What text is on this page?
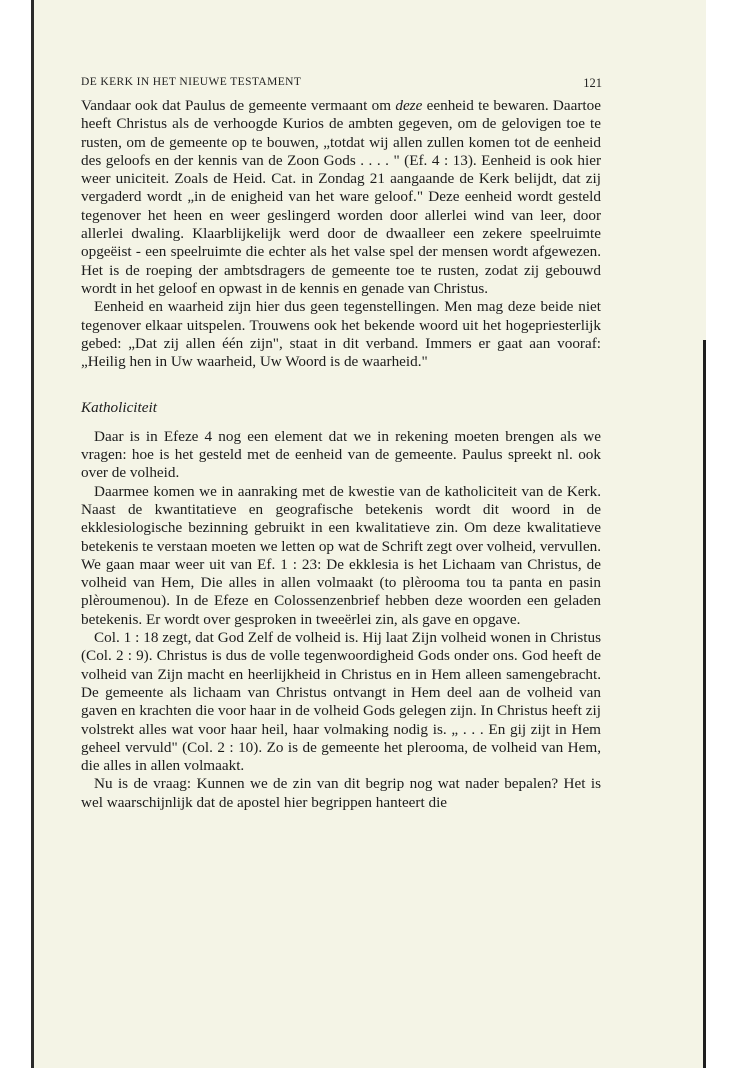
DE KERK IN HET NIEUWE TESTAMENT	121

Vandaar ook dat Paulus de gemeente vermaant om deze eenheid te bewaren. Daartoe heeft Christus als de verhoogde Kurios de ambten gegeven, om de gelovigen toe te rusten, om de gemeente op te bouwen, „totdat wij allen zullen komen tot de eenheid des geloofs en der kennis van de Zoon Gods . . . . " (Ef. 4 : 13). Eenheid is ook hier weer uniciteit. Zoals de Heid. Cat. in Zondag 21 aangaande de Kerk belijdt, dat zij vergaderd wordt „in de enigheid van het ware geloof." Deze eenheid wordt gesteld tegenover het heen en weer geslingerd worden door allerlei wind van leer, door allerlei dwaling. Klaarblijkelijk werd door de dwaalleer een zekere speelruimte opgeëist - een speelruimte die echter als het valse spel der mensen wordt afgewezen. Het is de roeping der ambtsdragers de gemeente toe te rusten, zodat zij gebouwd wordt in het geloof en opwast in de kennis en genade van Christus.

Eenheid en waarheid zijn hier dus geen tegenstellingen. Men mag deze beide niet tegenover elkaar uitspelen. Trouwens ook het bekende woord uit het hogepriesterlijk gebed: „Dat zij allen één zijn", staat in dit verband. Immers er gaat aan vooraf: „Heilig hen in Uw waarheid, Uw Woord is de waarheid."

Katholiciteit

Daar is in Efeze 4 nog een element dat we in rekening moeten brengen als we vragen: hoe is het gesteld met de eenheid van de gemeente. Paulus spreekt nl. ook over de volheid.

Daarmee komen we in aanraking met de kwestie van de katholiciteit van de Kerk. Naast de kwantitatieve en geografische betekenis wordt dit woord in de ekklesiologische bezinning gebruikt in een kwalitatieve zin. Om deze kwalitatieve betekenis te verstaan moeten we letten op wat de Schrift zegt over volheid, vervullen. We gaan maar weer uit van Ef. 1 : 23: De ekklesia is het Lichaam van Christus, de volheid van Hem, Die alles in allen volmaakt (to plèrooma tou ta panta en pasin plèroumenou). In de Efeze en Colossenzenbrief hebben deze woorden een geladen betekenis. Er wordt over gesproken in tweeërlei zin, als gave en opgave.

Col. 1 : 18 zegt, dat God Zelf de volheid is. Hij laat Zijn volheid wonen in Christus (Col. 2 : 9). Christus is dus de volle tegenwoordigheid Gods onder ons. God heeft de volheid van Zijn macht en heerlijkheid in Christus en in Hem alleen samengebracht. De gemeente als lichaam van Christus ontvangt in Hem deel aan de volheid van gaven en krachten die voor haar in de volheid Gods gelegen zijn. In Christus heeft zij volstrekt alles wat voor haar heil, haar volmaking nodig is. „ . . . En gij zijt in Hem geheel vervuld" (Col. 2 : 10). Zo is de gemeente het plerooma, de volheid van Hem, die alles in allen volmaakt.

Nu is de vraag: Kunnen we de zin van dit begrip nog wat nader bepalen? Het is wel waarschijnlijk dat de apostel hier begrippen hanteert die
